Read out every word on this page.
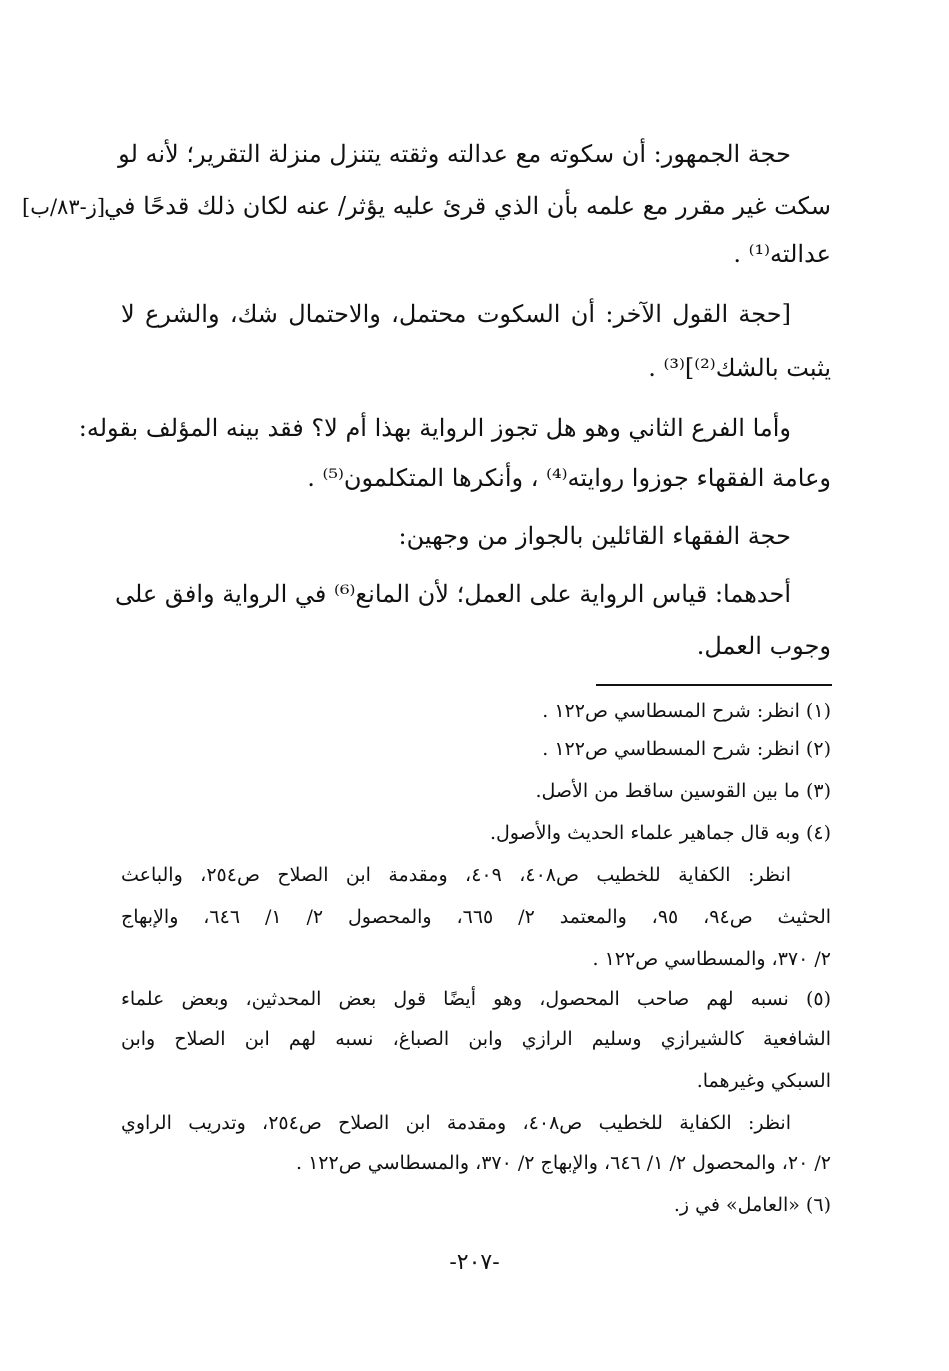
حجة الجمهور: أن سكوته مع عدالته وثقته يتنزل منزلة التقرير؛ لأنه لو
سكت غير مقرر مع علمه بأن الذي قرئ عليه يؤثر/ عنه لكان ذلك قدحًا في
[ز-٨٣/ب]
عدالته⁽¹⁾ .
[حجة القول الآخر: أن السكوت محتمل، والاحتمال شك، والشرع لا
يثبت بالشك⁽²⁾]⁽³⁾ .
وأما الفرع الثاني وهو هل تجوز الرواية بهذا أم لا؟ فقد بينه المؤلف بقوله:
وعامة الفقهاء جوزوا روايته⁽⁴⁾ ، وأنكرها المتكلمون⁽⁵⁾ .
حجة الفقهاء القائلين بالجواز من وجهين:
أحدهما: قياس الرواية على العمل؛ لأن المانع⁽⁶⁾ في الرواية وافق على
وجوب العمل.
(١) انظر: شرح المسطاسي ص١٢٢ .
(٢) انظر: شرح المسطاسي ص١٢٢ .
(٣) ما بين القوسين ساقط من الأصل.
(٤) وبه قال جماهير علماء الحديث والأصول.
انظر: الكفاية للخطيب ص٤٠٨، ٤٠٩، ومقدمة ابن الصلاح ص٢٥٤، والباعث
الحثيث ص٩٤، ٩٥، والمعتمد ٢/ ٦٦٥، والمحصول ٢/ ١/ ٦٤٦، والإبهاج
٢/ ٣٧٠، والمسطاسي ص١٢٢ .
(٥) نسبه لهم صاحب المحصول، وهو أيضًا قول بعض المحدثين، وبعض علماء
الشافعية كالشيرازي وسليم الرازي وابن الصباغ، نسبه لهم ابن الصلاح وابن
السبكي وغيرهما.
انظر: الكفاية للخطيب ص٤٠٨، ومقدمة ابن الصلاح ص٢٥٤، وتدريب الراوي
٢/ ٢٠، والمحصول ٢/ ١/ ٦٤٦، والإبهاج ٢/ ٣٧٠، والمسطاسي ص١٢٢ .
(٦) «العامل» في ز.
-٢٠٧-
